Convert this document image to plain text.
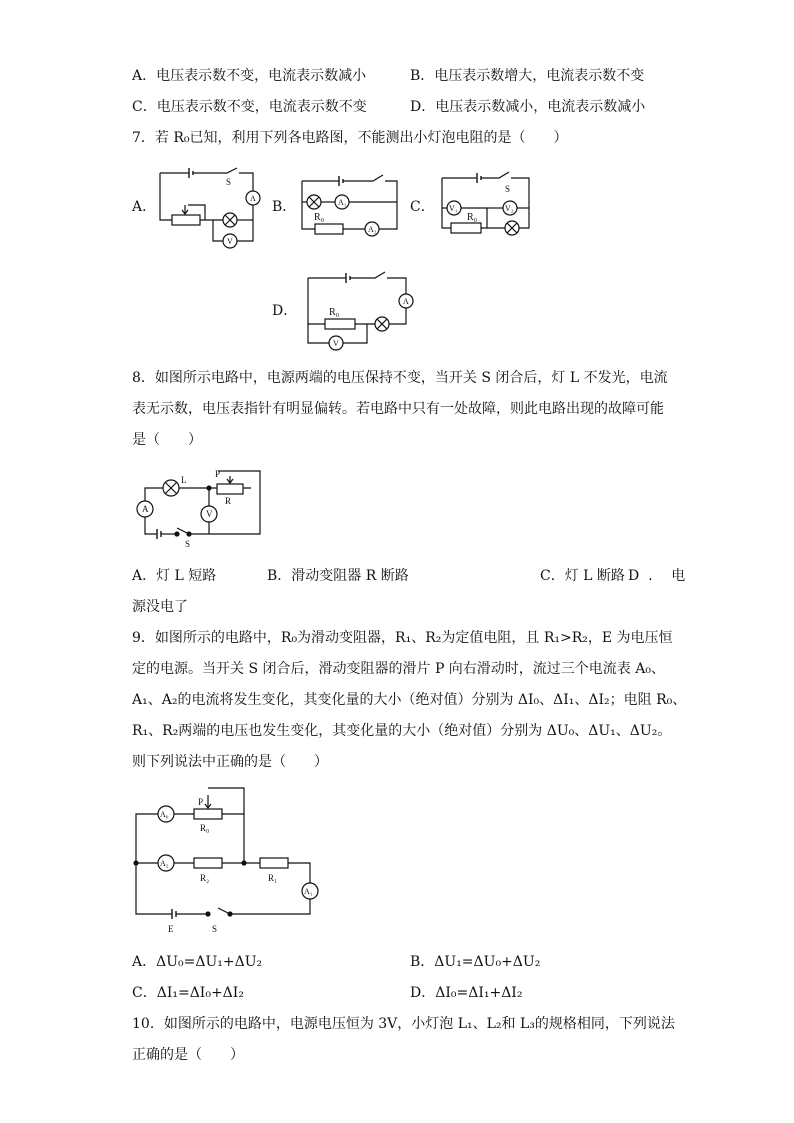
A．电压表示数不变，电流表示数减小	B．电压表示数增大，电流表示数不变
C．电压表示数不变，电流表示数不变	D．电压表示数减小，电流表示数减小
7．若 R₀已知，利用下列各电路图，不能测出小灯泡电阻的是（　　）
A．
S
A
V
B．	A₁
A₂
R₀
C．
S
V₁	V₂
R₀
D．
A
V
R₀
8．如图所示电路中，电源两端的电压保持不变，当开关 S 闭合后，灯 L 不发光，电流
表无示数，电压表指针有明显偏转。若电路中只有一处故障，则此电路出现的故障可能
是（　　）
P
L
R
A	V
S
A．灯 L 短路	B．滑动变阻器 R 断路	C．灯 L 断路 D．电
源没电了
9．如图所示的电路中，R₀为滑动变阻器，R₁、R₂为定值电阻，且 R₁>R₂，E 为电压恒
定的电源。当开关 S 闭合后，滑动变阻器的滑片 P 向右滑动时，流过三个电流表 A₀、
A₁、A₂的电流将发生变化，其变化量的大小（绝对值）分别为 ΔI₀、ΔI₁、ΔI₂；电阻 R₀、
R₁、R₂两端的电压也发生变化，其变化量的大小（绝对值）分别为 ΔU₀、ΔU₁、ΔU₂。
则下列说法中正确的是（　　）
P
A₀
R₀
A₂
R₂	R₁
A₁
E	S
A．ΔU₀=ΔU₁+ΔU₂	B．ΔU₁=ΔU₀+ΔU₂
C．ΔI₁=ΔI₀+ΔI₂	D．ΔI₀=ΔI₁+ΔI₂
10．如图所示的电路中，电源电压恒为 3V，小灯泡 L₁、L₂和 L₃的规格相同，下列说法
正确的是（　　）
